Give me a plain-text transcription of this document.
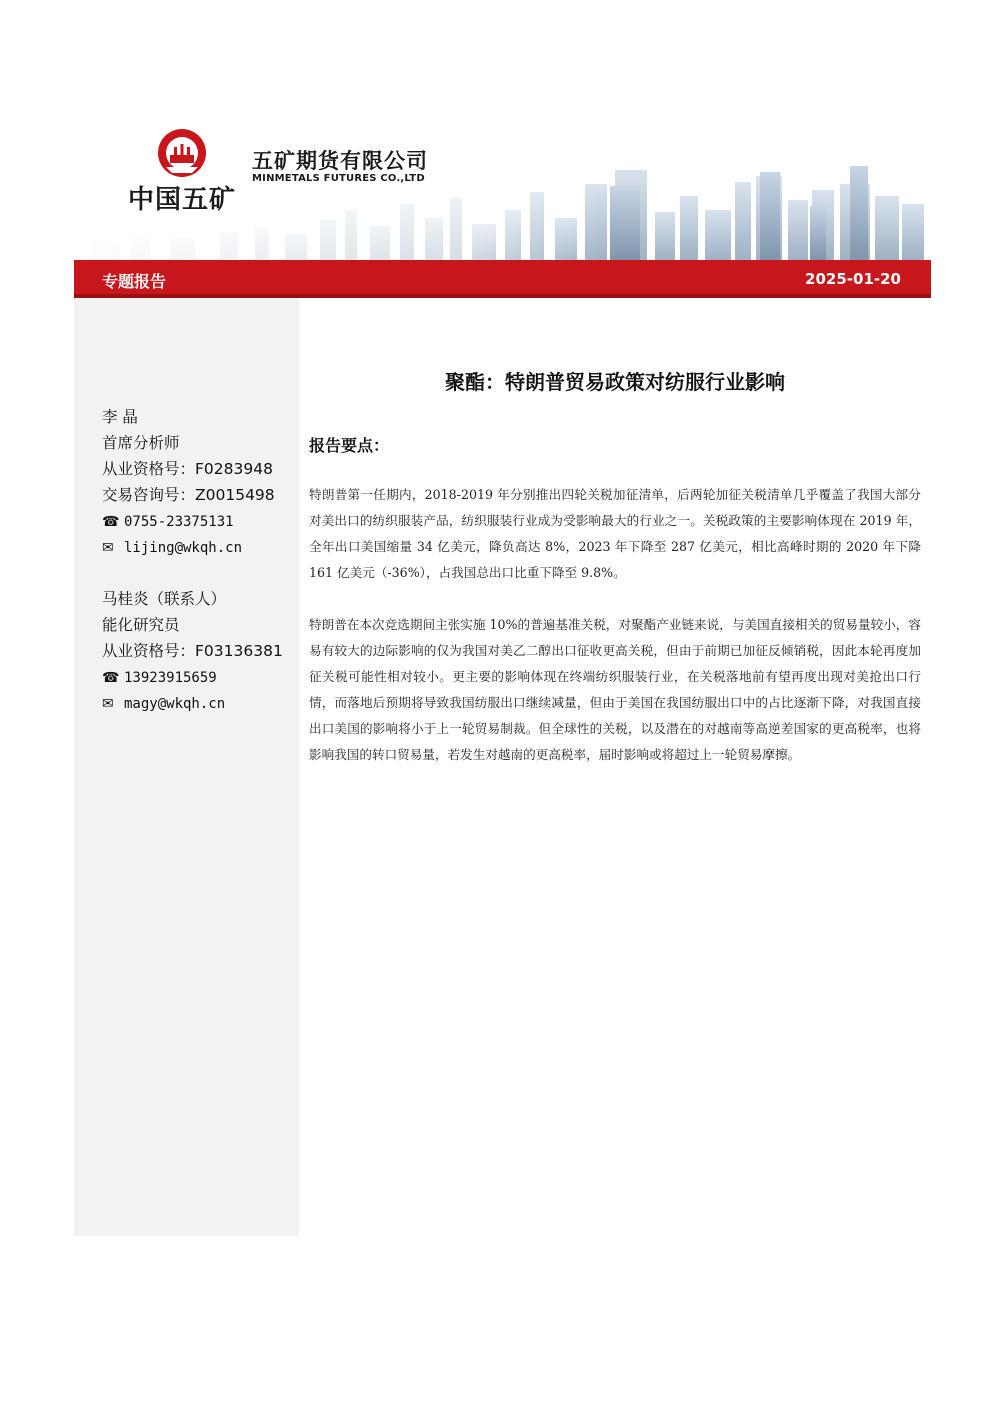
中国五矿
五矿期货有限公司
MINMETALS FUTURES CO.,LTD
专题报告	2025-01-20
李 晶
首席分析师
从业资格号：F0283948
交易咨询号：Z0015498
☎ 0755-23375131
✉ lijing@wkqh.cn
马桂炎（联系人）
能化研究员
从业资格号：F03136381
☎ 13923915659
✉ magy@wkqh.cn
聚酯：特朗普贸易政策对纺服行业影响
报告要点：
特朗普第一任期内，2018-2019 年分别推出四轮关税加征清单，后两轮加征关税清单几乎覆盖了我国大部分对美出口的纺织服装产品，纺织服装行业成为受影响最大的行业之一。关税政策的主要影响体现在 2019 年，全年出口美国缩量 34 亿美元，降负高达 8%，2023 年下降至 287 亿美元，相比高峰时期的 2020 年下降 161 亿美元（-36%），占我国总出口比重下降至 9.8%。
特朗普在本次竞选期间主张实施 10%的普遍基准关税，对聚酯产业链来说，与美国直接相关的贸易量较小，容易有较大的边际影响的仅为我国对美乙二醇出口征收更高关税，但由于前期已加征反倾销税，因此本轮再度加征关税可能性相对较小。更主要的影响体现在终端纺织服装行业，在关税落地前有望再度出现对美抢出口行情，而落地后预期将导致我国纺服出口继续减量，但由于美国在我国纺服出口中的占比逐渐下降，对我国直接出口美国的影响将小于上一轮贸易制裁。但全球性的关税，以及潜在的对越南等高逆差国家的更高税率，也将影响我国的转口贸易量，若发生对越南的更高税率，届时影响或将超过上一轮贸易摩擦。
